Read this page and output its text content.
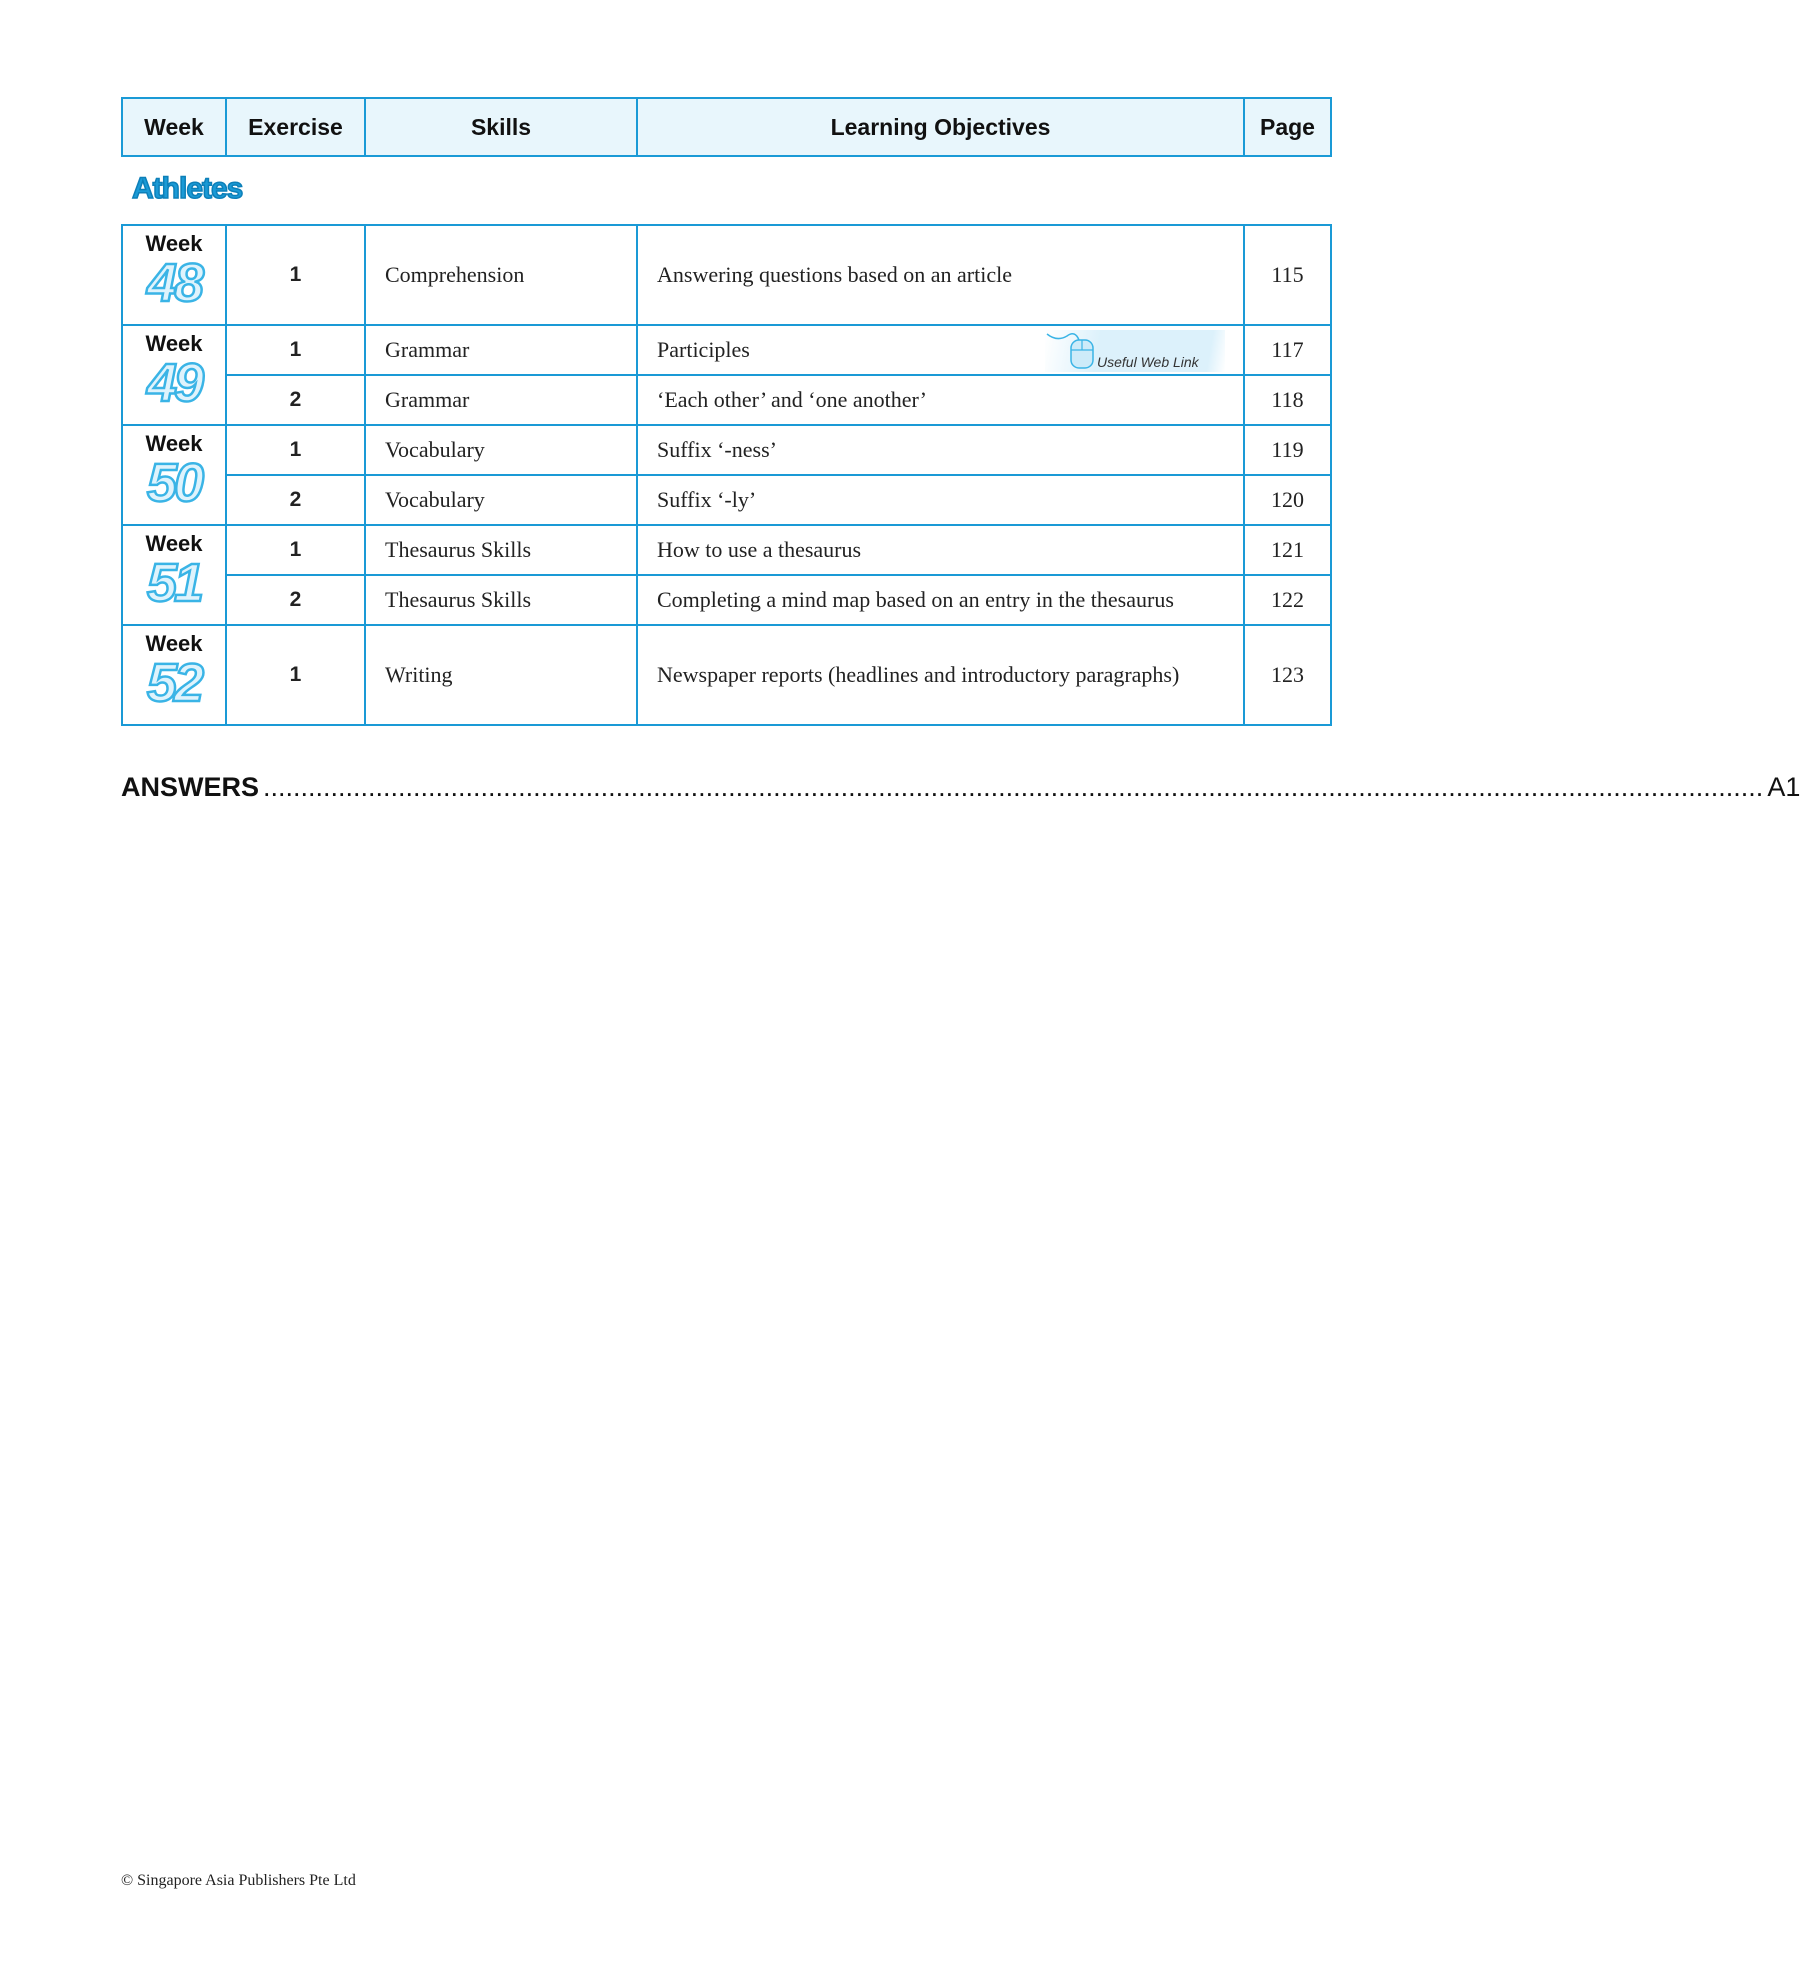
Week	Exercise	Skills	Learning Objectives	Page
Athletes
Week
48	1	Comprehension	Answering questions based on an article	115

Week
49	1	Grammar	Participles	117
	2	Grammar	‘Each other’ and ‘one another’	118

Week
50	1	Vocabulary	Suffix ‘-ness’	119
	2	Vocabulary	Suffix ‘-ly’	120

Week
51	1	Thesaurus Skills	How to use a thesaurus	121
	2	Thesaurus Skills	Completing a mind map based on an entry in the thesaurus	122

Week
52	1	Writing	Newspaper reports (headlines and introductory paragraphs)	123
Useful Web Link
ANSWERS ........................................................................................................................................................................................................ A1
© Singapore Asia Publishers Pte Ltd
